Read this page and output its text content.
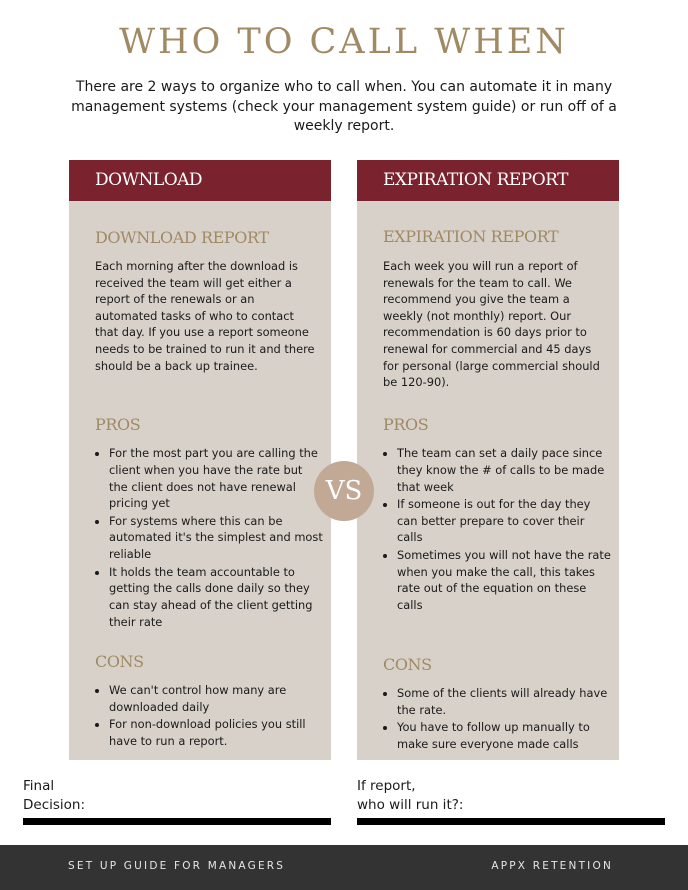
WHO TO CALL WHEN

There are 2 ways to organize who to call when. You can automate it in many management systems (check your management system guide) or run off of a weekly report.

DOWNLOAD
DOWNLOAD REPORT

Each morning after the download is received the team will get either a report of the renewals or an automated tasks of who to contact that day. If you use a report someone needs to be trained to run it and there should be a back up trainee.

PROS
• For the most part you are calling the client when you have the rate but the client does not have renewal pricing yet
• For systems where this can be automated it's the simplest and most reliable
• It holds the team accountable to getting the calls done daily so they can stay ahead of the client getting their rate
CONS
• We can't control how many are downloaded daily
• For non-download policies you still have to run a report.
EXPIRATION REPORT
EXPIRATION REPORT

Each week you will run a report of renewals for the team to call. We recommend you give the team a weekly (not monthly) report. Our recommendation is 60 days prior to renewal for commercial and 45 days for personal (large commercial should be 120-90).

PROS
• The team can set a daily pace since they know the # of calls to be made that week
• If someone is out for the day they can better prepare to cover their calls
• Sometimes you will not have the rate when you make the call, this takes rate out of the equation on these calls
CONS
• Some of the clients will already have the rate.
• You have to follow up manually to make sure everyone made calls
VS

Final
Decision:

If report,
who will run it?:

SET UP GUIDE FOR MANAGERS	APPX RETENTION
